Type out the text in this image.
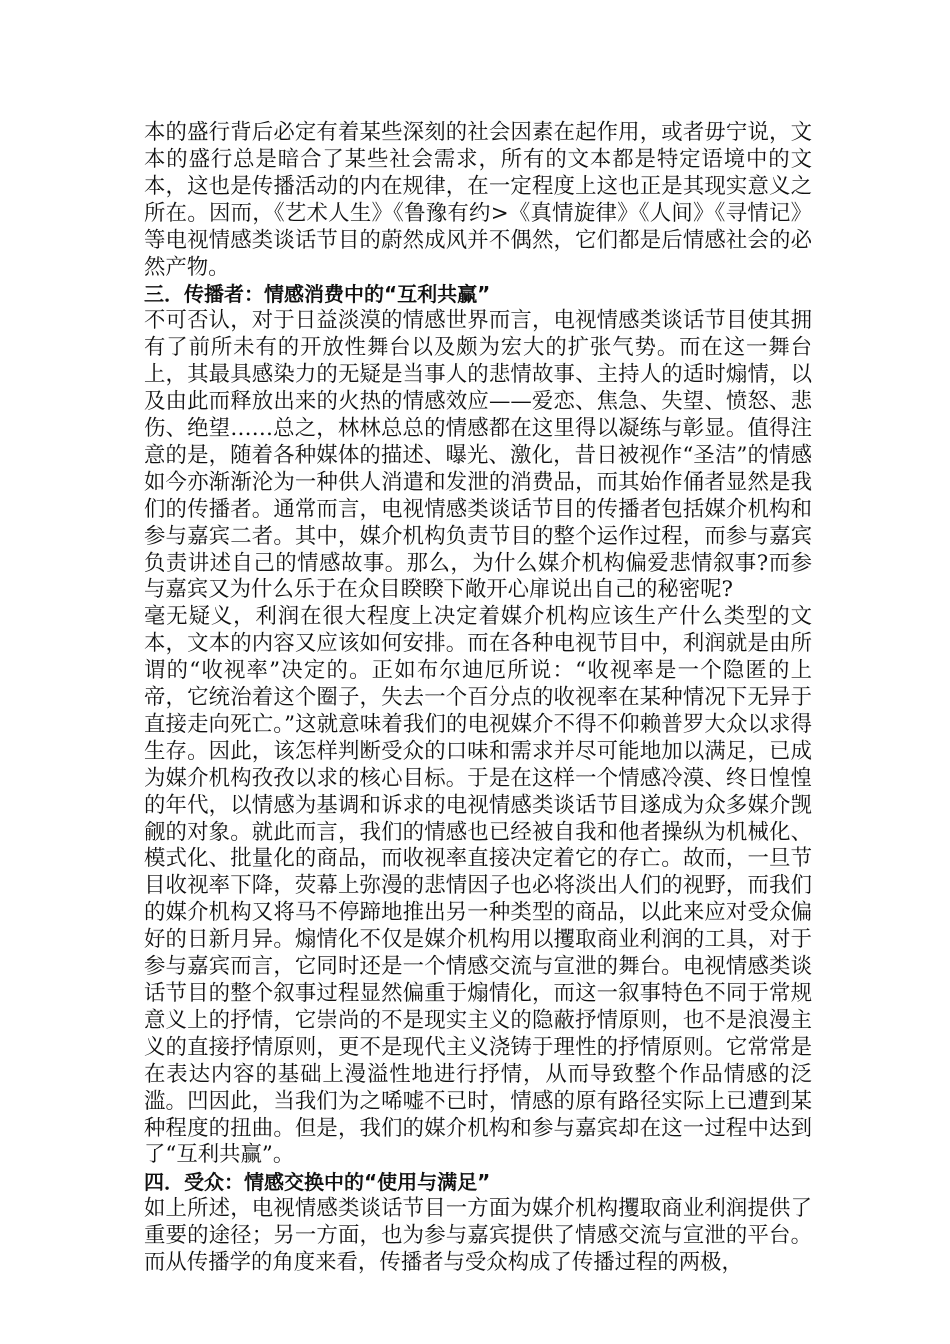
本的盛行背后必定有着某些深刻的社会因素在起作用，或者毋宁说，文本的盛行总是暗合了某些社会需求，所有的文本都是特定语境中的文本，这也是传播活动的内在规律，在一定程度上这也正是其现实意义之所在。因而，《艺术人生》《鲁豫有约>《真情旋律》《人间》《寻情记》等电视情感类谈话节目的蔚然成风并不偶然，它们都是后情感社会的必然产物。

三．传播者：情感消费中的“互利共赢”

不可否认，对于日益淡漠的情感世界而言，电视情感类谈话节目使其拥有了前所未有的开放性舞台以及颇为宏大的扩张气势。而在这一舞台上，其最具感染力的无疑是当事人的悲情故事、主持人的适时煽情，以及由此而释放出来的火热的情感效应——爱恋、焦急、失望、愤怒、悲伤、绝望……总之，林林总总的情感都在这里得以凝练与彰显。值得注意的是，随着各种媒体的描述、曝光、激化，昔日被视作“圣洁”的情感如今亦渐渐沦为一种供人消遣和发泄的消费品，而其始作俑者显然是我们的传播者。通常而言，电视情感类谈话节目的传播者包括媒介机构和参与嘉宾二者。其中，媒介机构负责节目的整个运作过程，而参与嘉宾负责讲述自己的情感故事。那么，为什么媒介机构偏爱悲情叙事?而参与嘉宾又为什么乐于在众目睽睽下敞开心扉说出自己的秘密呢?

毫无疑义，利润在很大程度上决定着媒介机构应该生产什么类型的文本，文本的内容又应该如何安排。而在各种电视节目中，利润就是由所谓的“收视率”决定的。正如布尔迪厄所说：“收视率是一个隐匿的上帝，它统治着这个圈子，失去一个百分点的收视率在某种情况下无异于直接走向死亡。”这就意味着我们的电视媒介不得不仰赖普罗大众以求得生存。因此，该怎样判断受众的口味和需求并尽可能地加以满足，已成为媒介机构孜孜以求的核心目标。于是在这样一个情感冷漠、终日惶惶的年代，以情感为基调和诉求的电视情感类谈话节目遂成为众多媒介觊觎的对象。就此而言，我们的情感也已经被自我和他者操纵为机械化、模式化、批量化的商品，而收视率直接决定着它的存亡。故而，一旦节目收视率下降，荧幕上弥漫的悲情因子也必将淡出人们的视野，而我们的媒介机构又将马不停蹄地推出另一种类型的商品，以此来应对受众偏好的日新月异。煽情化不仅是媒介机构用以攫取商业利润的工具，对于参与嘉宾而言，它同时还是一个情感交流与宣泄的舞台。电视情感类谈话节目的整个叙事过程显然偏重于煽情化，而这一叙事特色不同于常规意义上的抒情，它崇尚的不是现实主义的隐蔽抒情原则，也不是浪漫主义的直接抒情原则，更不是现代主义浇铸于理性的抒情原则。它常常是在表达内容的基础上漫溢性地进行抒情，从而导致整个作品情感的泛滥。凹因此，当我们为之唏嘘不已时，情感的原有路径实际上已遭到某种程度的扭曲。但是，我们的媒介机构和参与嘉宾却在这一过程中达到了“互利共赢”。

四．受众：情感交换中的“使用与满足”

如上所述，电视情感类谈话节目一方面为媒介机构攫取商业利润提供了重要的途径；另一方面，也为参与嘉宾提供了情感交流与宣泄的平台。而从传播学的角度来看，传播者与受众构成了传播过程的两极，
